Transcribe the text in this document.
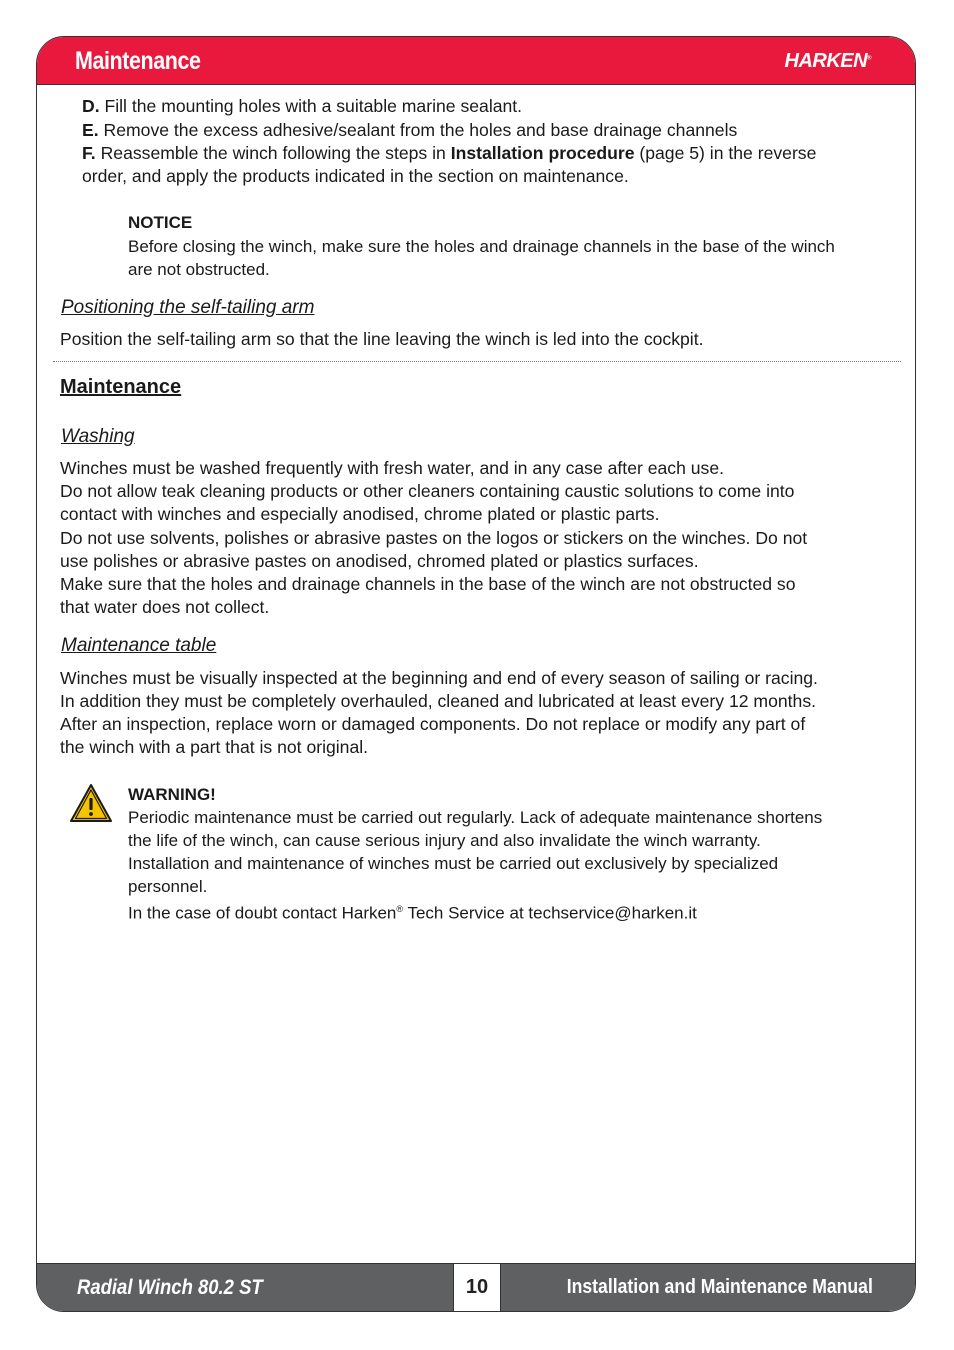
Maintenance	HARKEN®

D. Fill the mounting holes with a suitable marine sealant.

E. Remove the excess adhesive/sealant from the holes and base drainage channels

F. Reassemble the winch following the steps in Installation procedure (page 5) in the reverse

order, and apply the products indicated in the section on maintenance.

NOTICE

Before closing the winch, make sure the holes and drainage channels in the base of the winch

are not obstructed.

Positioning the self-tailing arm

Position the self-tailing arm so that the line leaving the winch is led into the cockpit.

Maintenance

Washing

Winches must be washed frequently with fresh water, and in any case after each use.

Do not allow teak cleaning products or other cleaners containing caustic solutions to come into

contact with winches and especially anodised, chrome plated or plastic parts.

Do not use solvents, polishes or abrasive pastes on the logos or stickers on the winches. Do not

use polishes or abrasive pastes on anodised, chromed plated or plastics surfaces.

Make sure that the holes and drainage channels in the base of the winch are not obstructed so

that water does not collect.

Maintenance table

Winches must be visually inspected at the beginning and end of every season of sailing or racing.

In addition they must be completely overhauled, cleaned and lubricated at least every 12 months.

After an inspection, replace worn or damaged components. Do not replace or modify any part of

the winch with a part that is not original.

WARNING!

Periodic maintenance must be carried out regularly. Lack of adequate maintenance shortens

the life of the winch, can cause serious injury and also invalidate the winch warranty.

Installation and maintenance of winches must be carried out exclusively by specialized

personnel.

In the case of doubt contact Harken® Tech Service at techservice@harken.it

Radial Winch 80.2 ST	10	Installation and Maintenance Manual
